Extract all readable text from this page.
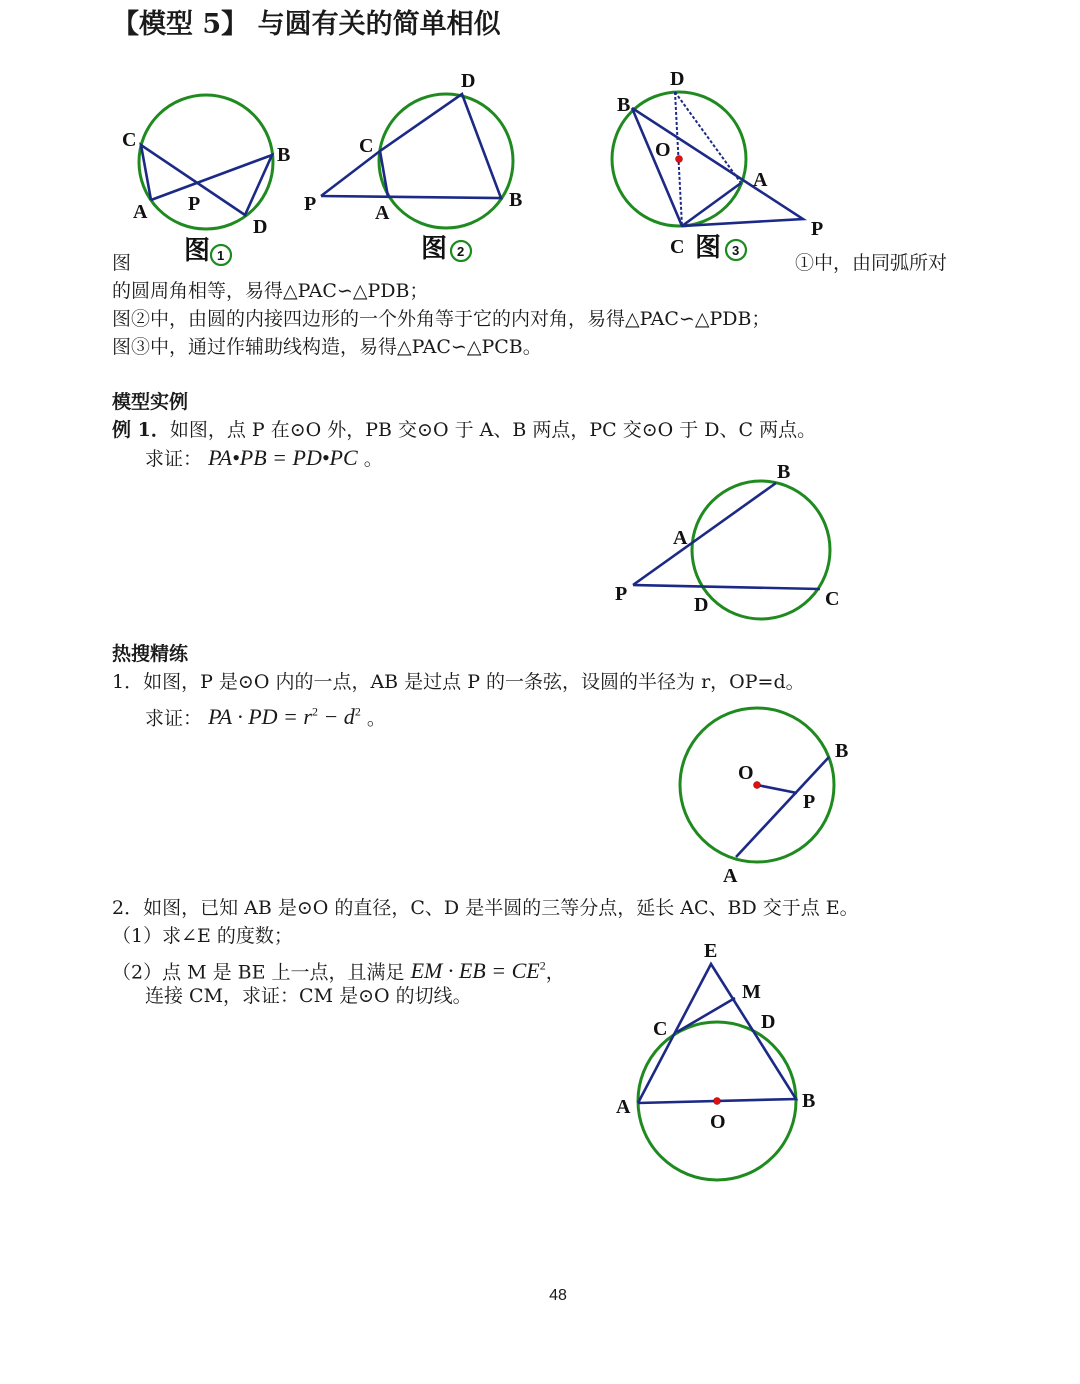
【模型 5】 与圆有关的简单相似
C
B
A P
D
图 1
D
C
B
P	A
图 2
D
B
O
A
P
C 图 3
图	①中，由同弧所对
的圆周角相等，易得△PAC∽△PDB；
图②中，由圆的内接四边形的一个外角等于它的内对角，易得△PAC∽△PDB；
图③中，通过作辅助线构造，易得△PAC∽△PCB。
模型实例
例 1．如图，点 P 在⊙O 外，PB 交⊙O 于 A、B 两点，PC 交⊙O 于 D、C 两点。
求证： PA•PB = PD•PC 。
B
A
P	D	C
热搜精练
1．如图，P 是⊙O 内的一点，AB 是过点 P 的一条弦，设圆的半径为 r，OP=d。
求证： PA · PD = $r^2 - d^2$ 。
B
O
P
A
2．如图，已知 AB 是⊙O 的直径，C、D 是半圆的三等分点，延长 AC、BD 交于点 E。
（1）求∠E 的度数；
（2）点 M 是 BE 上一点，且满足 EM · EB = $CE^2$，
连接 CM，求证：CM 是⊙O 的切线。
E
M
C	D
A	B
O
48
